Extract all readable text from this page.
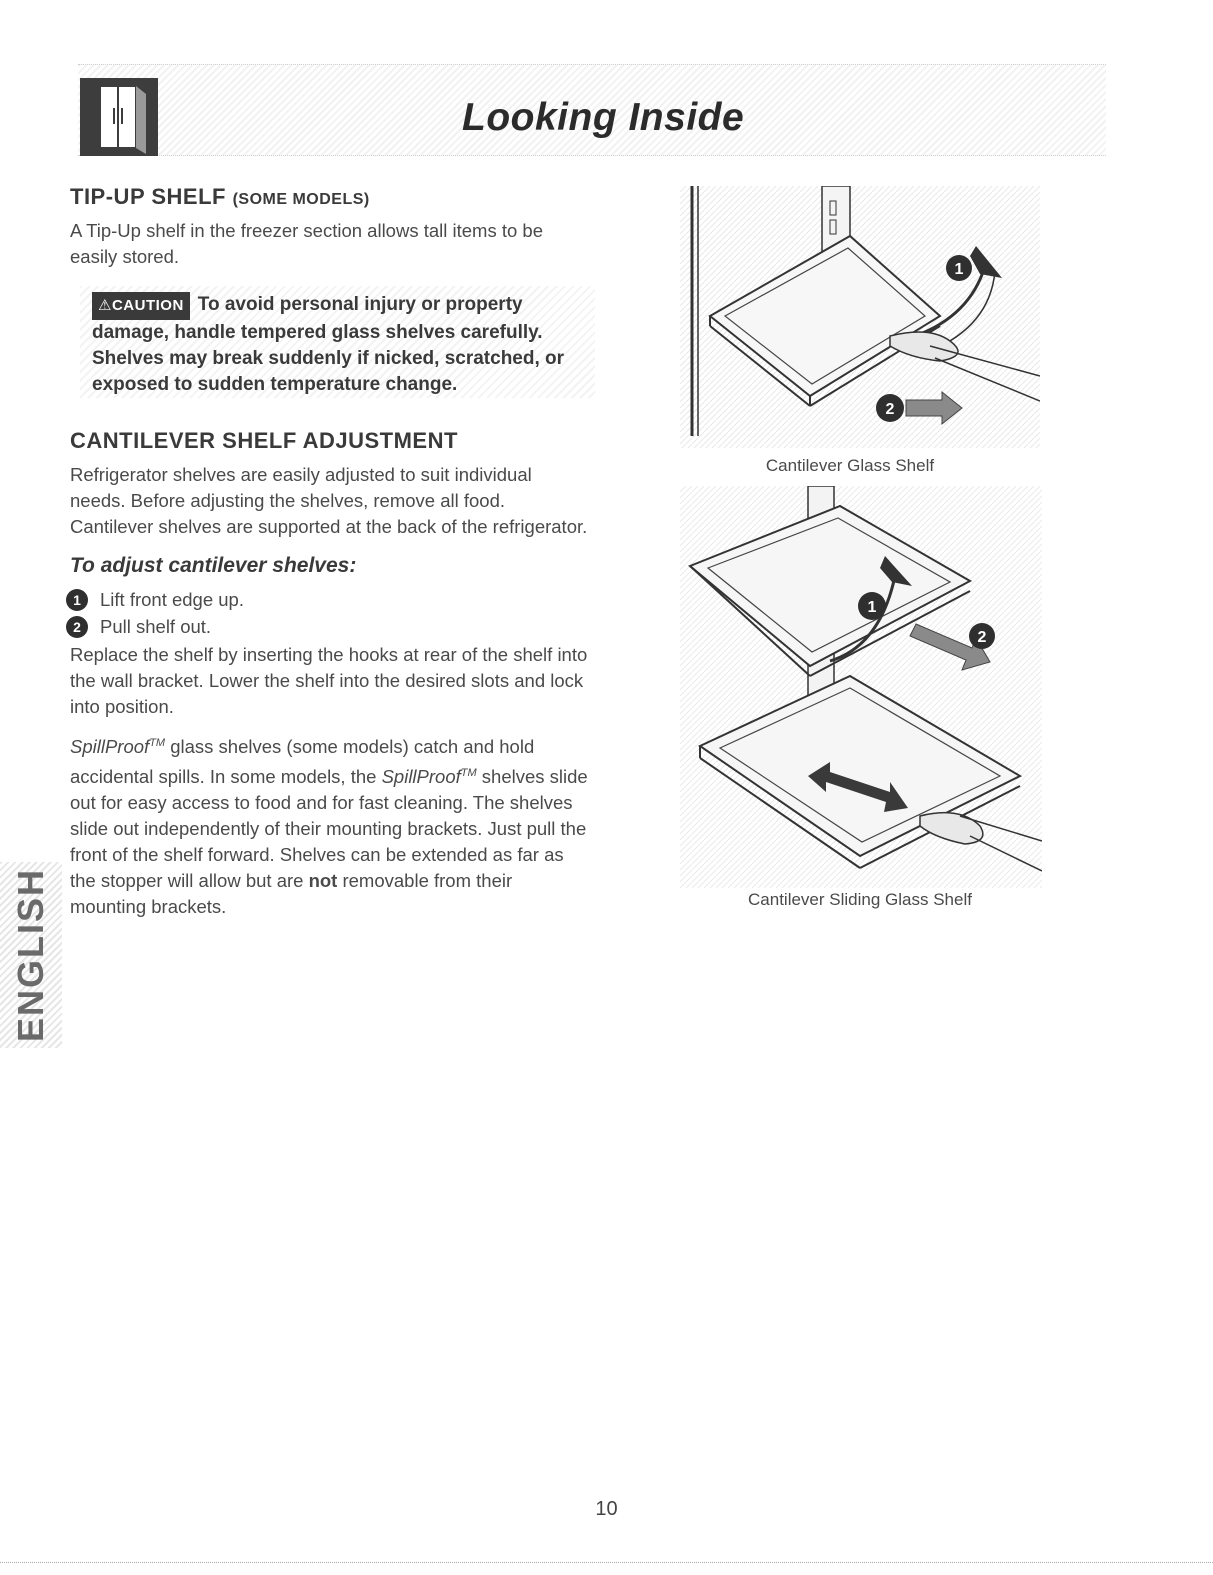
Looking Inside
TIP-UP SHELF (SOME MODELS)

A Tip-Up shelf in the freezer section allows tall items to be easily stored.

⚠CAUTION To avoid personal injury or property damage, handle tempered glass shelves carefully. Shelves may break suddenly if nicked, scratched, or exposed to sudden temperature change.

CANTILEVER SHELF ADJUSTMENT

Refrigerator shelves are easily adjusted to suit individual needs. Before adjusting the shelves, remove all food. Cantilever shelves are supported at the back of the refrigerator.

To adjust cantilever shelves:
1	Lift front edge up.
2	Pull shelf out.

Replace the shelf by inserting the hooks at rear of the shelf into the wall bracket. Lower the shelf into the desired slots and lock into position.

SpillProof™ glass shelves (some models) catch and hold accidental spills. In some models, the SpillProof™ shelves slide out for easy access to food and for fast cleaning. The shelves slide out independently of their mounting brackets. Just pull the front of the shelf forward. Shelves can be extended as far as the stopper will allow but are not removable from their mounting brackets.

ENGLISH
1
2

Cantilever Glass Shelf

1
2

Cantilever Sliding Glass Shelf

10
